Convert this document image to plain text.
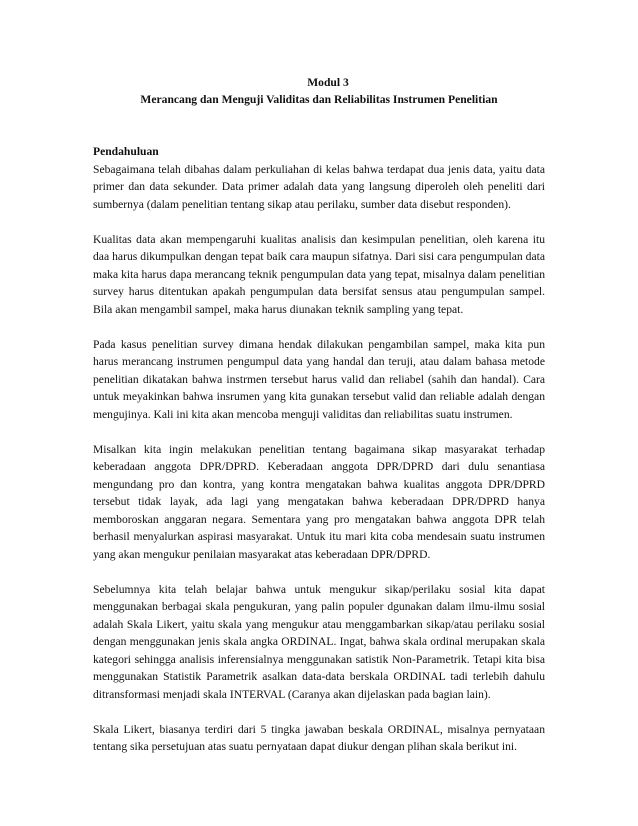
Modul 3
Merancang dan Menguji Validitas dan Reliabilitas Instrumen Penelitian
Pendahuluan

Sebagaimana telah dibahas dalam perkuliahan di kelas bahwa terdapat dua jenis data, yaitu data primer dan data sekunder. Data primer adalah data yang langsung diperoleh oleh peneliti dari sumbernya (dalam penelitian tentang sikap atau perilaku, sumber data disebut responden).

Kualitas data akan mempengaruhi kualitas analisis dan kesimpulan penelitian, oleh karena itu daa harus dikumpulkan dengan tepat baik cara maupun sifatnya. Dari sisi cara pengumpulan data maka kita harus dapa merancang teknik pengumpulan data yang tepat, misalnya dalam penelitian survey harus ditentukan apakah pengumpulan data bersifat sensus atau pengumpulan sampel. Bila akan mengambil sampel, maka harus diunakan teknik sampling yang tepat.

Pada kasus penelitian survey dimana hendak dilakukan pengambilan sampel, maka kita pun harus merancang instrumen pengumpul data yang handal dan teruji, atau dalam bahasa metode penelitian dikatakan bahwa instrmen tersebut harus valid dan reliabel (sahih dan handal). Cara untuk meyakinkan bahwa insrumen yang kita gunakan tersebut valid dan reliable adalah dengan mengujinya. Kali ini kita akan mencoba menguji validitas dan reliabilitas suatu instrumen.

Misalkan kita ingin melakukan penelitian tentang bagaimana sikap masyarakat terhadap keberadaan anggota DPR/DPRD. Keberadaan anggota DPR/DPRD dari dulu senantiasa mengundang pro dan kontra, yang kontra mengatakan bahwa kualitas anggota DPR/DPRD tersebut tidak layak, ada lagi yang mengatakan bahwa keberadaan DPR/DPRD hanya memboroskan anggaran negara. Sementara yang pro mengatakan bahwa anggota DPR telah berhasil menyalurkan aspirasi masyarakat. Untuk itu mari kita coba mendesain suatu instrumen yang akan mengukur penilaian masyarakat atas keberadaan DPR/DPRD.

Sebelumnya kita telah belajar bahwa untuk mengukur sikap/perilaku sosial kita dapat menggunakan berbagai skala pengukuran, yang palin populer dgunakan dalam ilmu-ilmu sosial adalah Skala Likert, yaitu skala yang mengukur atau menggambarkan sikap/atau perilaku sosial dengan menggunakan jenis skala angka ORDINAL. Ingat, bahwa skala ordinal merupakan skala kategori sehingga analisis inferensialnya menggunakan satistik Non-Parametrik. Tetapi kita bisa menggunakan Statistik Parametrik asalkan data-data berskala ORDINAL tadi terlebih dahulu ditransformasi menjadi skala INTERVAL (Caranya akan dijelaskan pada bagian lain).

Skala Likert, biasanya terdiri dari 5 tingka jawaban beskala ORDINAL, misalnya pernyataan tentang sika persetujuan atas suatu pernyataan dapat diukur dengan plihan skala berikut ini.
